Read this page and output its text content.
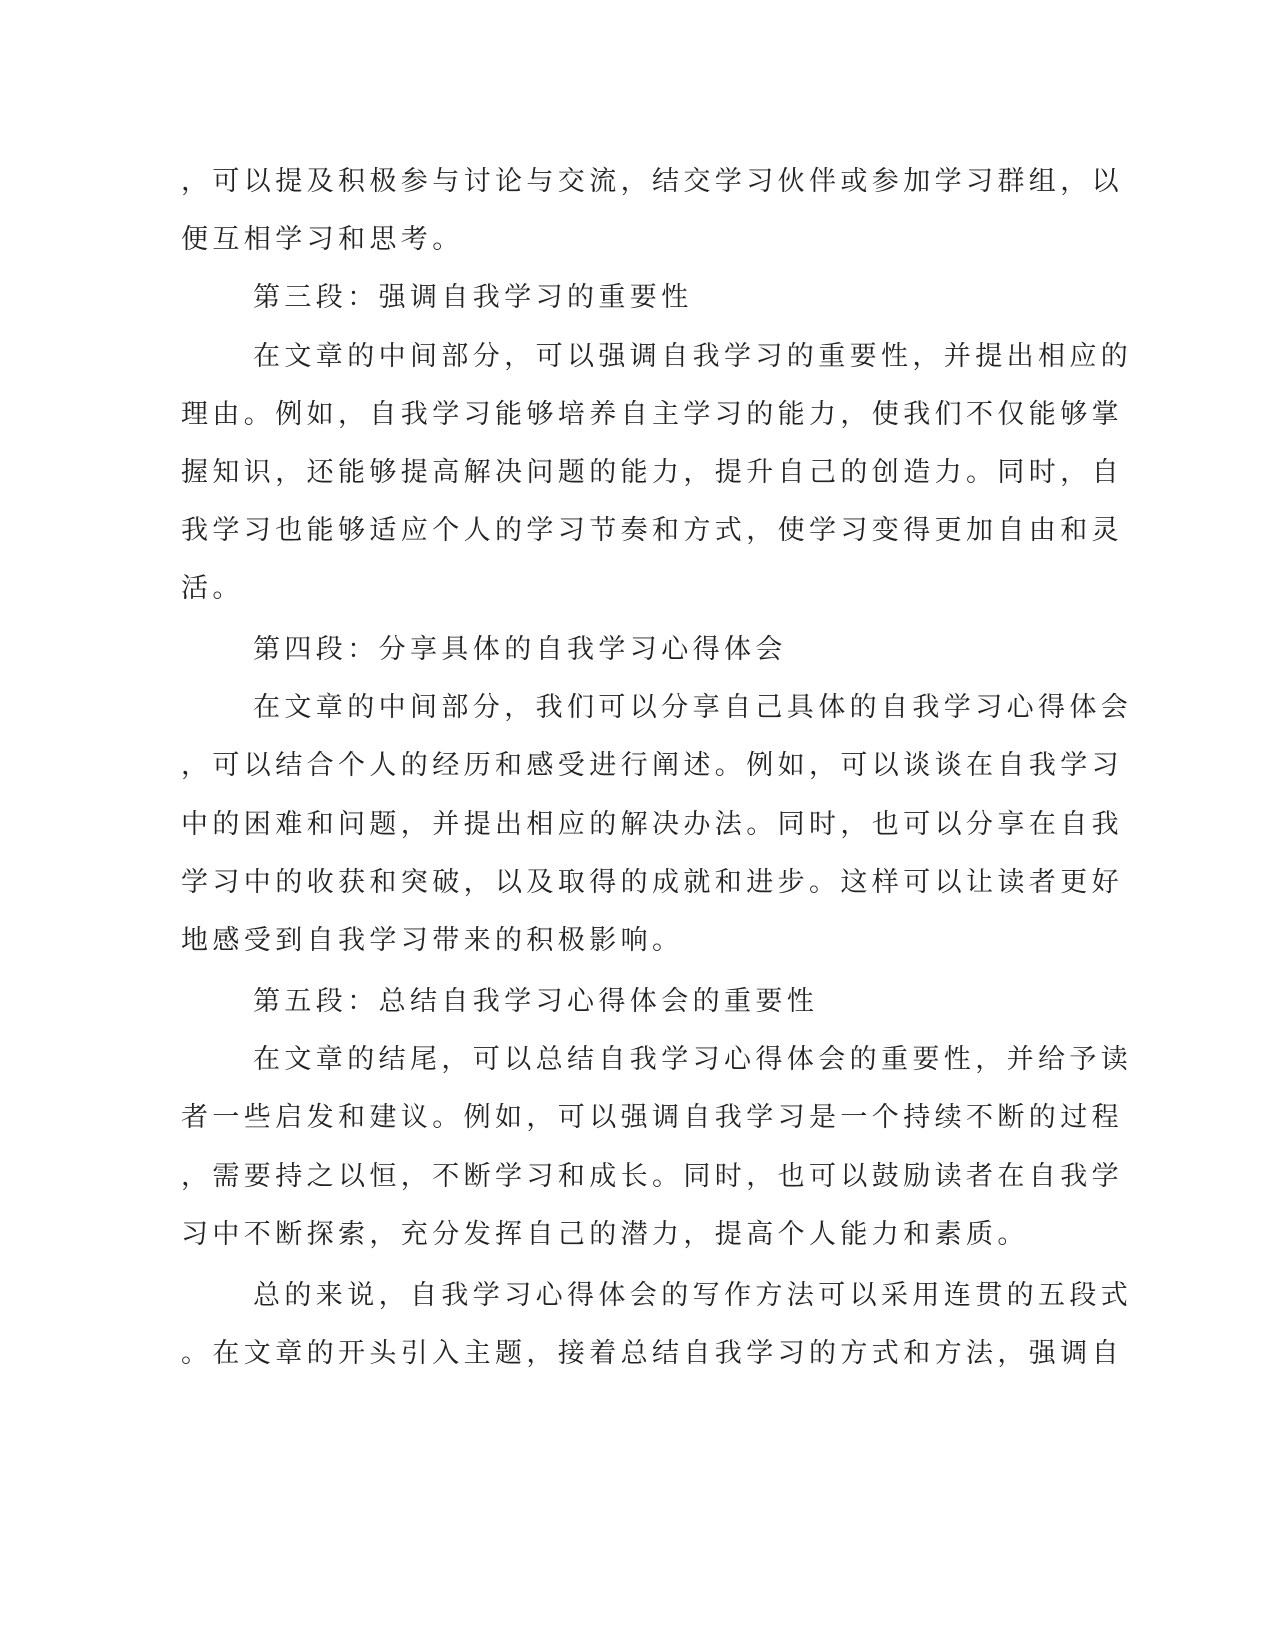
，可以提及积极参与讨论与交流，结交学习伙伴或参加学习群组，以
便互相学习和思考。
第三段：强调自我学习的重要性
在文章的中间部分，可以强调自我学习的重要性，并提出相应的
理由。例如，自我学习能够培养自主学习的能力，使我们不仅能够掌
握知识，还能够提高解决问题的能力，提升自己的创造力。同时，自
我学习也能够适应个人的学习节奏和方式，使学习变得更加自由和灵
活。
第四段：分享具体的自我学习心得体会
在文章的中间部分，我们可以分享自己具体的自我学习心得体会
，可以结合个人的经历和感受进行阐述。例如，可以谈谈在自我学习
中的困难和问题，并提出相应的解决办法。同时，也可以分享在自我
学习中的收获和突破，以及取得的成就和进步。这样可以让读者更好
地感受到自我学习带来的积极影响。
第五段：总结自我学习心得体会的重要性
在文章的结尾，可以总结自我学习心得体会的重要性，并给予读
者一些启发和建议。例如，可以强调自我学习是一个持续不断的过程
，需要持之以恒，不断学习和成长。同时，也可以鼓励读者在自我学
习中不断探索，充分发挥自己的潜力，提高个人能力和素质。
总的来说，自我学习心得体会的写作方法可以采用连贯的五段式
。在文章的开头引入主题，接着总结自我学习的方式和方法，强调自
